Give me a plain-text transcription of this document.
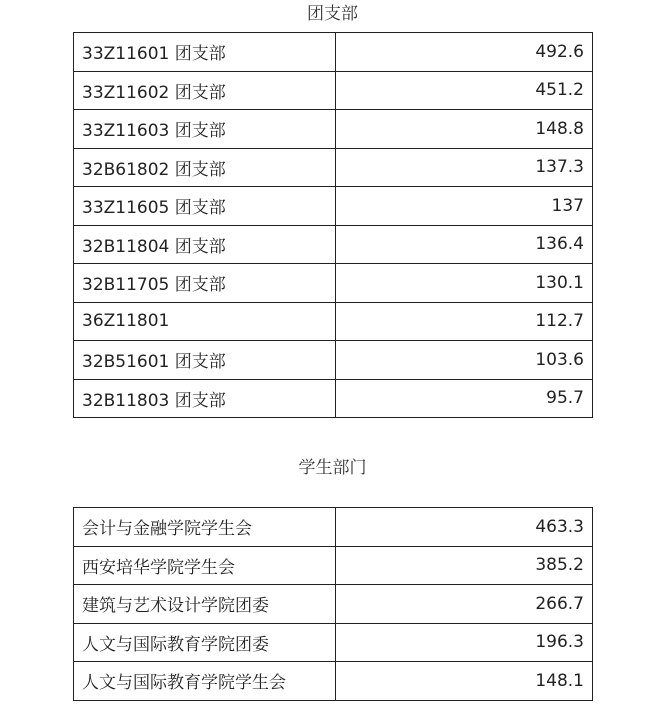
团支部
33Z11601 团支部	492.6
33Z11602 团支部	451.2
33Z11603 团支部	148.8
32B61802 团支部	137.3
33Z11605 团支部	137
32B11804 团支部	136.4
32B11705 团支部	130.1
36Z11801	112.7
32B51601 团支部	103.6
32B11803 团支部	95.7
学生部门
会计与金融学院学生会	463.3
西安培华学院学生会	385.2
建筑与艺术设计学院团委	266.7
人文与国际教育学院团委	196.3
人文与国际教育学院学生会	148.1
